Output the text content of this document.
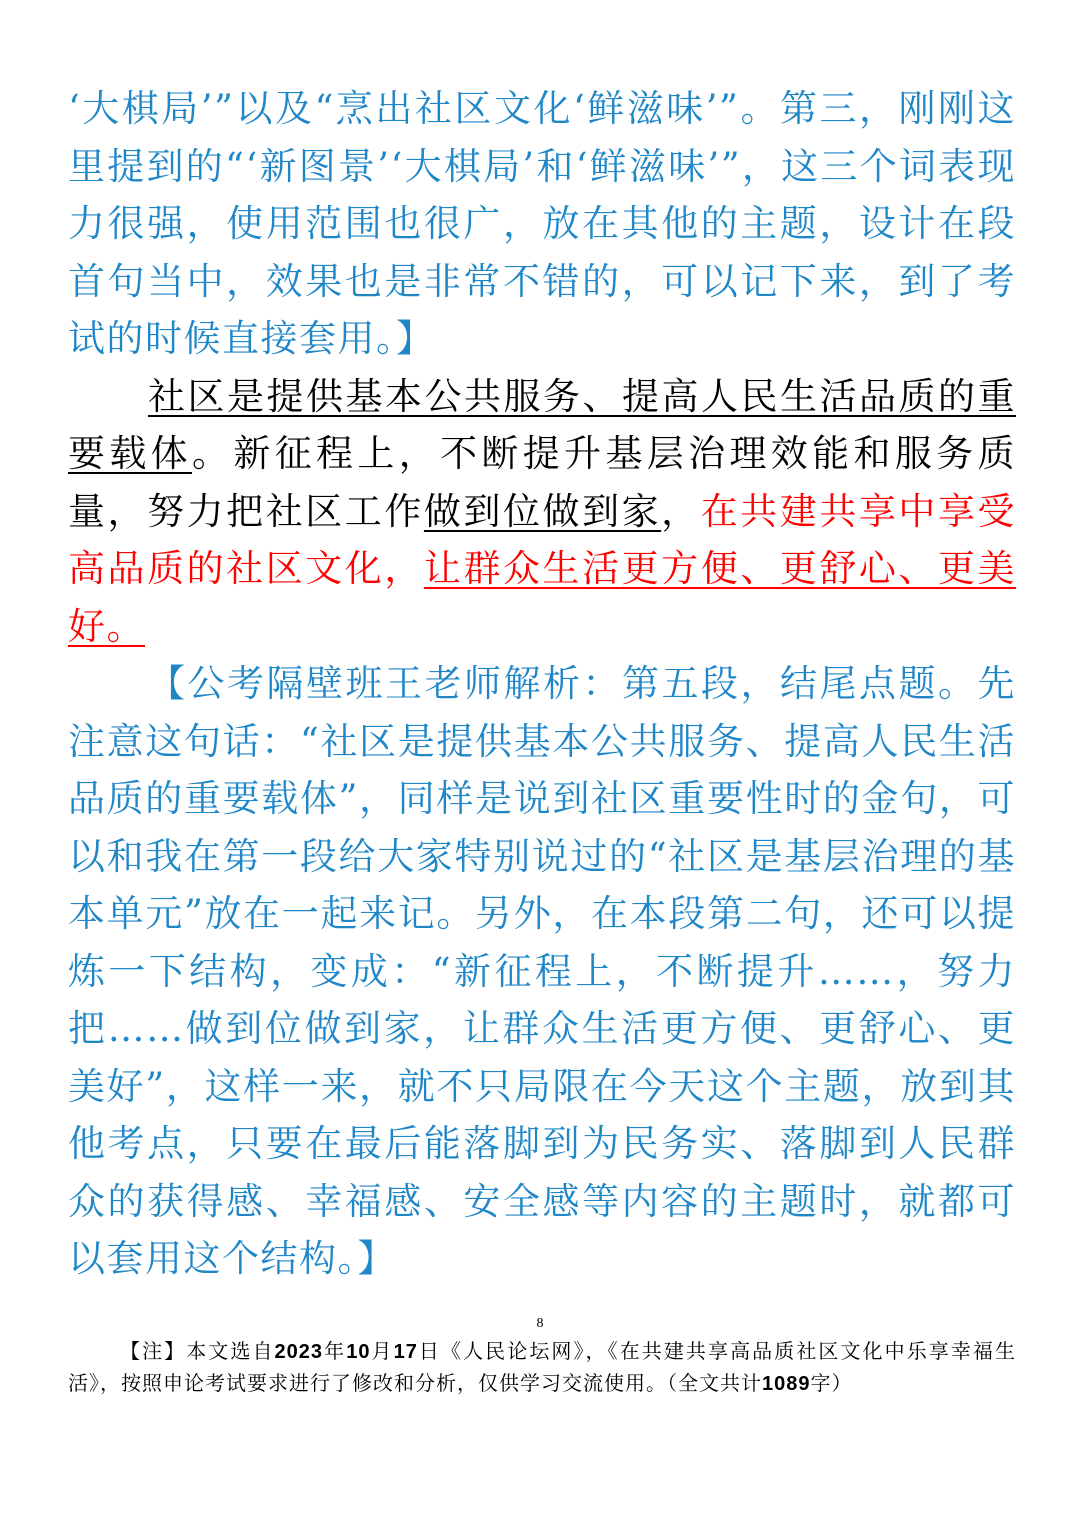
‘大棋局’”以及“烹出社区文化‘鲜滋味’”。第三，刚刚这里提到的“‘新图景’‘大棋局’和‘鲜滋味’”，这三个词表现力很强，使用范围也很广，放在其他的主题，设计在段首句当中，效果也是非常不错的，可以记下来，到了考试的时候直接套用。】

社区是提供基本公共服务、提高人民生活品质的重要载体。新征程上，不断提升基层治理效能和服务质量，努力把社区工作做到位做到家，在共建共享中享受高品质的社区文化，让群众生活更方便、更舒心、更美好。

【公考隔壁班王老师解析：第五段，结尾点题。先注意这句话：“社区是提供基本公共服务、提高人民生活品质的重要载体”，同样是说到社区重要性时的金句，可以和我在第一段给大家特别说过的“社区是基层治理的基本单元”放在一起来记。另外，在本段第二句，还可以提炼一下结构，变成：“新征程上，不断提升……，努力把……做到位做到家，让群众生活更方便、更舒心、更美好”，这样一来，就不只局限在今天这个主题，放到其他考点，只要在最后能落脚到为民务实、落脚到人民群众的获得感、幸福感、安全感等内容的主题时，就都可以套用这个结构。】

8
【注】本文选自2023年10月17日《人民论坛网》，《在共建共享高品质社区文化中乐享幸福生活》，按照申论考试要求进行了修改和分析，仅供学习交流使用。（全文共计1089字）
